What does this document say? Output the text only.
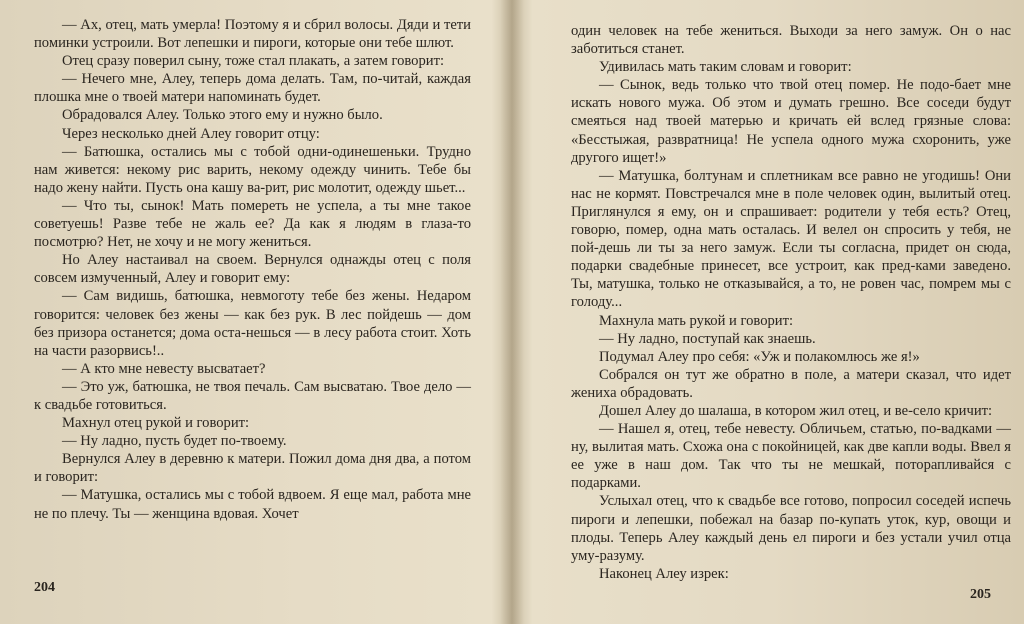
— Ах, отец, мать умерла! Поэтому я и сбрил волосы. Дяди и тети поминки устроили. Вот лепешки и пироги, которые они тебе шлют.

Отец сразу поверил сыну, тоже стал плакать, а затем говорит:

— Нечего мне, Алеу, теперь дома делать. Там, по-читай, каждая плошка мне о твоей матери напоминать будет.

Обрадовался Алеу. Только этого ему и нужно было.

Через несколько дней Алеу говорит отцу:

— Батюшка, остались мы с тобой одни-одинешеньки. Трудно нам живется: некому рис варить, некому одежду чинить. Тебе бы надо жену найти. Пусть она кашу ва-рит, рис молотит, одежду шьет...

— Что ты, сынок! Мать помереть не успела, а ты мне такое советуешь! Разве тебе не жаль ее? Да как я людям в глаза-то посмотрю? Нет, не хочу и не могу жениться.

Но Алеу настаивал на своем. Вернулся однажды отец с поля совсем измученный, Алеу и говорит ему:

— Сам видишь, батюшка, невмоготу тебе без жены. Недаром говорится: человек без жены — как без рук. В лес пойдешь — дом без призора останется; дома оста-нешься — в лесу работа стоит. Хоть на части разорвись!..

— А кто мне невесту высватает?

— Это уж, батюшка, не твоя печаль. Сам высватаю. Твое дело — к свадьбе готовиться.

Махнул отец рукой и говорит:

— Ну ладно, пусть будет по-твоему.

Вернулся Алеу в деревню к матери. Пожил дома дня два, а потом и говорит:

— Матушка, остались мы с тобой вдвоем. Я еще мал, работа мне не по плечу. Ты — женщина вдовая. Хочет

204

один человек на тебе жениться. Выходи за него замуж. Он о нас заботиться станет.

Удивилась мать таким словам и говорит:

— Сынок, ведь только что твой отец помер. Не подо-бает мне искать нового мужа. Об этом и думать грешно. Все соседи будут смеяться над твоей матерью и кричать ей вслед грязные слова: «Бесстыжая, развратница! Не успела одного мужа схоронить, уже другого ищет!»

— Матушка, болтунам и сплетникам все равно не угодишь! Они нас не кормят. Повстречался мне в поле человек один, вылитый отец. Приглянулся я ему, он и спрашивает: родители у тебя есть? Отец, говорю, помер, одна мать осталась. И велел он спросить у тебя, не пой-дешь ли ты за него замуж. Если ты согласна, придет он сюда, подарки свадебные принесет, все устроит, как пред-ками заведено. Ты, матушка, только не отказывайся, а то, не ровен час, помрем мы с голоду...

Махнула мать рукой и говорит:

— Ну ладно, поступай как знаешь.

Подумал Алеу про себя: «Уж и полакомлюсь же я!»

Собрался он тут же обратно в поле, а матери сказал, что идет жениха обрадовать.

Дошел Алеу до шалаша, в котором жил отец, и ве-село кричит:

— Нашел я, отец, тебе невесту. Обличьем, статью, по-вадками — ну, вылитая мать. Схожа она с покойницей, как две капли воды. Ввел я ее уже в наш дом. Так что ты не мешкай, поторапливайся с подарками.

Услыхал отец, что к свадьбе все готово, попросил соседей испечь пироги и лепешки, побежал на базар по-купать уток, кур, овощи и плоды. Теперь Алеу каждый день ел пироги и без устали учил отца уму-разуму.

Наконец Алеу изрек:

205
